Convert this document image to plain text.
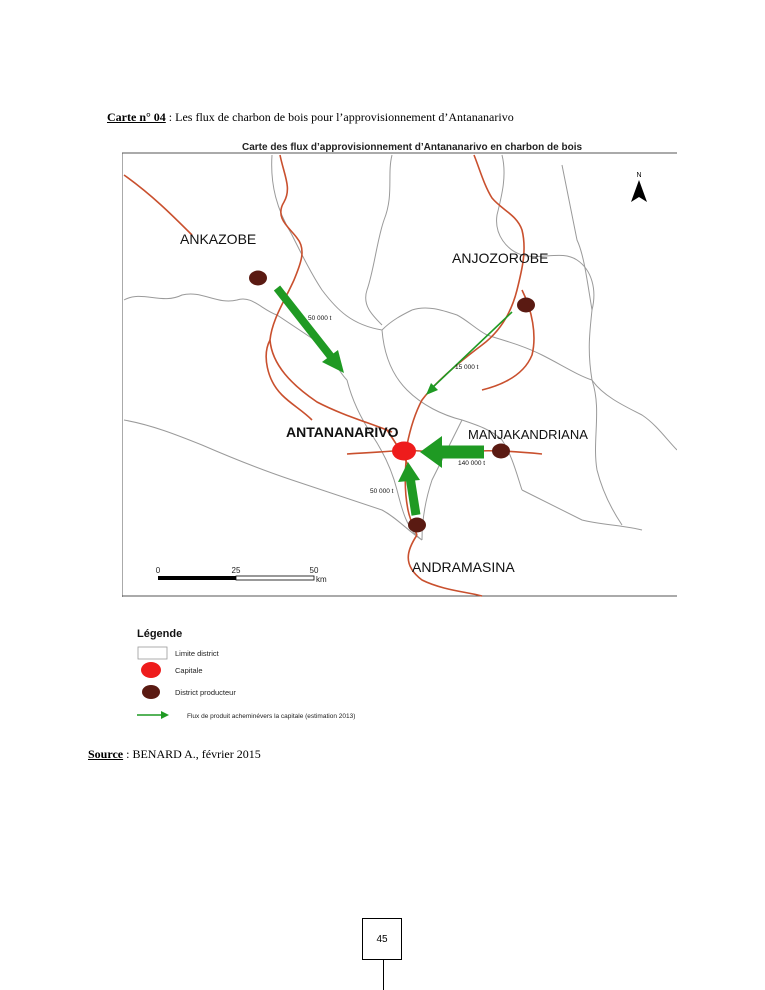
Carte n° 04 : Les flux de charbon de bois pour l’approvisionnement d’Antananarivo
Carte des flux d’approvisionnement d’Antananarivo en charbon de bois
N
ANKAZOBE
ANJOZOROBE
ANTANANARIVO	MANJAKANDRIANA
ANDRAMASINA
50 000 t
15 000 t
140 000 t
50 000 t
0	25	50
km
Légende
Limite district
Capitale
District producteur
Flux de produit acheminévers la capitale (estimation 2013)
Source : BENARD A., février 2015
45
